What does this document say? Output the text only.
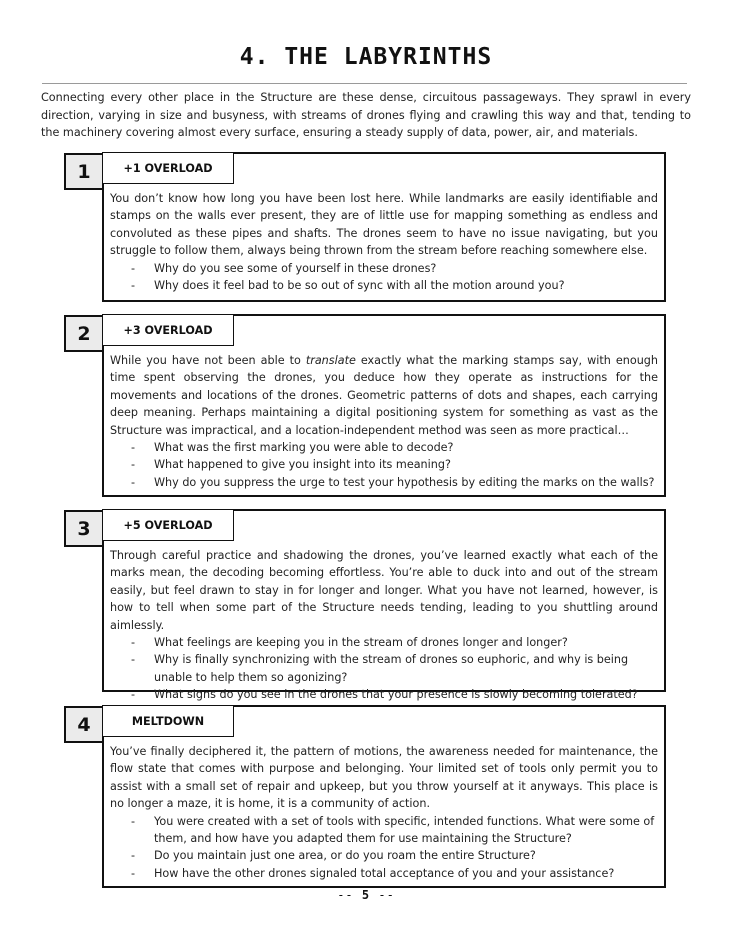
4. THE LABYRINTHS
Connecting every other place in the Structure are these dense, circuitous passageways. They sprawl in every direction, varying in size and busyness, with streams of drones flying and crawling this way and that, tending to the machinery covering almost every surface, ensuring a steady supply of data, power, air, and materials.
1	+1 OVERLOAD

You don’t know how long you have been lost here. While landmarks are easily identifiable and stamps on the walls ever present, they are of little use for mapping something as endless and convoluted as these pipes and shafts. The drones seem to have no issue navigating, but you struggle to follow them, always being thrown from the stream before reaching somewhere else.

- Why do you see some of yourself in these drones?
- Why does it feel bad to be so out of sync with all the motion around you?
2	+3 OVERLOAD

While you have not been able to translate exactly what the marking stamps say, with enough time spent observing the drones, you deduce how they operate as instructions for the movements and locations of the drones. Geometric patterns of dots and shapes, each carrying deep meaning. Perhaps maintaining a digital positioning system for something as vast as the Structure was impractical, and a location-independent method was seen as more practical…

- What was the first marking you were able to decode?
- What happened to give you insight into its meaning?
- Why do you suppress the urge to test your hypothesis by editing the marks on the walls?
3	+5 OVERLOAD

Through careful practice and shadowing the drones, you’ve learned exactly what each of the marks mean, the decoding becoming effortless. You’re able to duck into and out of the stream easily, but feel drawn to stay in for longer and longer. What you have not learned, however, is how to tell when some part of the Structure needs tending, leading to you shuttling around aimlessly.

- What feelings are keeping you in the stream of drones longer and longer?
- Why is finally synchronizing with the stream of drones so euphoric, and why is being unable to help them so agonizing?
- What signs do you see in the drones that your presence is slowly becoming tolerated?
4	MELTDOWN

You’ve finally deciphered it, the pattern of motions, the awareness needed for maintenance, the flow state that comes with purpose and belonging. Your limited set of tools only permit you to assist with a small set of repair and upkeep, but you throw yourself at it anyways. This place is no longer a maze, it is home, it is a community of action.

- You were created with a set of tools with specific, intended functions. What were some of them, and how have you adapted them for use maintaining the Structure?
- Do you maintain just one area, or do you roam the entire Structure?
- How have the other drones signaled total acceptance of you and your assistance?
-- 5 --
